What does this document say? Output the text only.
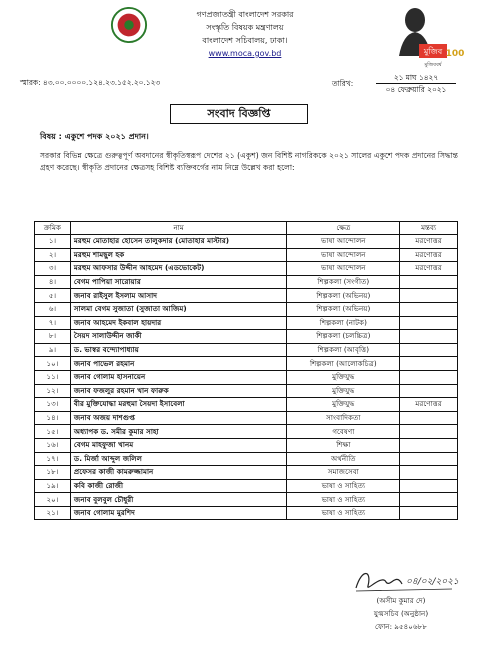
গণপ্রজাতন্ত্রী বাংলাদেশ সরকার
সংস্কৃতি বিষয়ক মন্ত্রণালয়
বাংলাদেশ সচিবালয়, ঢাকা।
www.moca.gov.bd	মুজিব 100
মুজিববর্ষ
স্মারক: ৪৩.০০.০০০০.১২৪.২৩.১৫২.২০.১২৩	তারিখ:
২১ মাঘ ১৪২৭
০৪ ফেব্রুয়ারি ২০২১
সংবাদ বিজ্ঞপ্তি
বিষয় : একুশে পদক ২০২১ প্রদান।
সরকার বিভিন্ন ক্ষেত্রে গুরুত্বপূর্ণ অবদানের স্বীকৃতিস্বরূপ দেশের ২১ (একুশ) জন বিশিষ্ট নাগরিককে ২০২১ সালের একুশে পদক প্রদানের সিদ্ধান্ত গ্রহণ করেছে। স্বীকৃতি প্রদানের ক্ষেত্রসহ বিশিষ্ট ব্যক্তিবর্গের নাম নিম্নে উল্লেখ করা হলো:
ক্রমিক	নাম	ক্ষেত্র	মন্তব্য
১।	মরহুম মোতাহার হোসেন তালুকদার (মোতাহার মাস্টার)	ভাষা আন্দোলন	মরণোত্তর
২।	মরহুম শামছুল হক	ভাষা আন্দোলন	মরণোত্তর
৩।	মরহুম আফসার উদ্দীন আহমেদ (এডভোকেট)	ভাষা আন্দোলন	মরণোত্তর
৪।	বেগম পাপিয়া সারোয়ার	শিল্পকলা (সংগীত)	
৫।	জনাব রাইসুল ইসলাম আসাদ	শিল্পকলা (অভিনয়)	
৬।	সালমা বেগম সুজাতা (সুজাতা আজিম)	শিল্পকলা (অভিনয়)	
৭।	জনাব আহমেদ ইকবাল হায়দার	শিল্পকলা (নাটক)	
৮।	সৈয়দ সালাউদ্দীন জাকী	শিল্পকলা (চলচ্চিত্র)	
৯।	ড. ভাস্বর বন্দ্যোপাধ্যায়	শিল্পকলা (আবৃত্তি)	
১০।	জনাব পাভেল রহমান	শিল্পকলা (আলোকচিত্র)	
১১।	জনাব গোলাম হাসনায়েন	মুক্তিযুদ্ধ	
১২।	জনাব ফজলুর রহমান খান ফারুক	মুক্তিযুদ্ধ	
১৩।	বীর মুক্তিযোদ্ধা মরহুমা সৈয়দা ইসাবেলা	মুক্তিযুদ্ধ	মরণোত্তর
১৪।	জনাব অজয় দাশগুপ্ত	সাংবাদিকতা	
১৫।	অধ্যাপক ড. সমীর কুমার সাহা	গবেষণা	
১৬।	বেগম মাহফুজা খানম	শিক্ষা	
১৭।	ড. মির্জা আব্দুল জলিল	অর্থনীতি	
১৮।	প্রফেসর কাজী কামরুজ্জামান	সমাজসেবা	
১৯।	কবি কাজী রোজী	ভাষা ও সাহিত্য	
২০।	জনাব বুলবুল চৌধুরী	ভাষা ও সাহিত্য	
২১।	জনাব গোলাম মুরশিদ	ভাষা ও সাহিত্য	
০৪/০২/২০২১
(অসীম কুমার দে)
যুগ্মসচিব (অনুষ্ঠান)
ফোন: ৯৫৪০৬৮৮
